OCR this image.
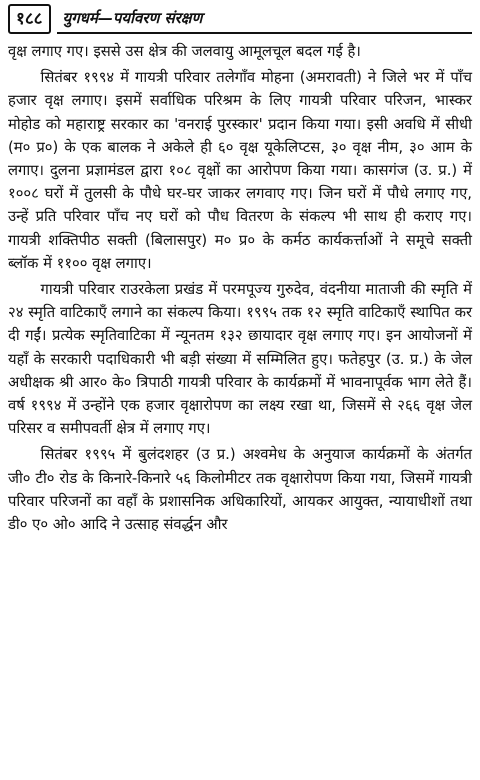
१८८	युगधर्म—पर्यावरण संरक्षण

वृक्ष लगाए गए। इससे उस क्षेत्र की जलवायु आमूलचूल बदल गई है।

सितंबर १९९४ में गायत्री परिवार तलेगाँव मोहना (अमरावती) ने जिले भर में पाँच हजार वृक्ष लगाए। इसमें सर्वाधिक परिश्रम के लिए गायत्री परिवार परिजन, भास्कर मोहोड को महाराष्ट्र सरकार का 'वनराई पुरस्कार' प्रदान किया गया। इसी अवधि में सीधी (म० प्र०) के एक बालक ने अकेले ही ६० वृक्ष यूकेलिप्टस, ३० वृक्ष नीम, ३० आम के लगाए। दुलना प्रज्ञामंडल द्वारा १०८ वृक्षों का आरोपण किया गया। कासगंज (उ. प्र.) में १००८ घरों में तुलसी के पौधे घर-घर जाकर लगवाए गए। जिन घरों में पौधे लगाए गए, उन्हें प्रति परिवार पाँच नए घरों को पौध वितरण के संकल्प भी साथ ही कराए गए। गायत्री शक्तिपीठ सक्ती (बिलासपुर) म० प्र० के कर्मठ कार्यकर्त्ताओं ने समूचे सक्ती ब्लॉक में ११०० वृक्ष लगाए।

गायत्री परिवार राउरकेला प्रखंड में परमपूज्य गुरुदेव, वंदनीया माताजी की स्मृति में २४ स्मृति वाटिकाएँ लगाने का संकल्प किया। १९९५ तक १२ स्मृति वाटिकाएँ स्थापित कर दी गईं। प्रत्येक स्मृतिवाटिका में न्यूनतम १३२ छायादार वृक्ष लगाए गए। इन आयोजनों में यहाँ के सरकारी पदाधिकारी भी बड़ी संख्या में सम्मिलित हुए। फतेहपुर (उ. प्र.) के जेल अधीक्षक श्री आर० के० त्रिपाठी गायत्री परिवार के कार्यक्रमों में भावनापूर्वक भाग लेते हैं। वर्ष १९९४ में उन्होंने एक हजार वृक्षारोपण का लक्ष्य रखा था, जिसमें से २६६ वृक्ष जेल परिसर व समीपवर्ती क्षेत्र में लगाए गए।

सितंबर १९९५ में बुलंदशहर (उ प्र.) अश्वमेध के अनुयाज कार्यक्रमों के अंतर्गत जी० टी० रोड के किनारे-किनारे ५६ किलोमीटर तक वृक्षारोपण किया गया, जिसमें गायत्री परिवार परिजनों का वहाँ के प्रशासनिक अधिकारियों, आयकर आयुक्त, न्यायाधीशों तथा डी० ए० ओ० आदि ने उत्साह संवर्द्धन और
